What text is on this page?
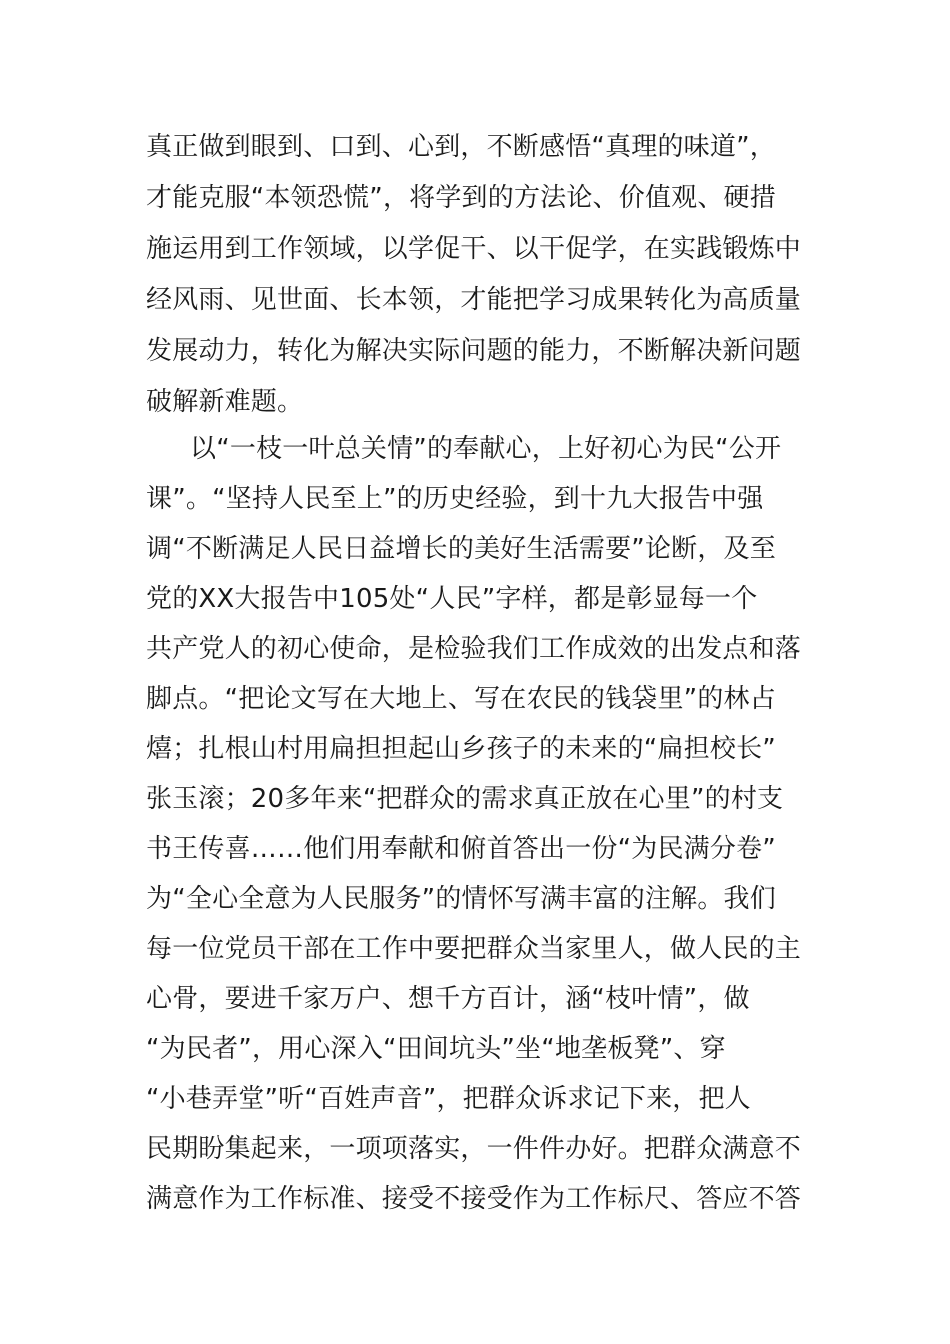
真正做到眼到、口到、心到，不断感悟“真理的味道”，
才能克服“本领恐慌”，将学到的方法论、价值观、硬措
施运用到工作领域，以学促干、以干促学，在实践锻炼中
经风雨、见世面、长本领，才能把学习成果转化为高质量
发展动力，转化为解决实际问题的能力，不断解决新问题
破解新难题。
以“一枝一叶总关情”的奉献心，上好初心为民“公开
课”。“坚持人民至上”的历史经验，到十九大报告中强
调“不断满足人民日益增长的美好生活需要”论断，及至
党的XX大报告中105处“人民”字样，都是彰显每一个
共产党人的初心使命，是检验我们工作成效的出发点和落
脚点。“把论文写在大地上、写在农民的钱袋里”的林占
熺；扎根山村用扁担担起山乡孩子的未来的“扁担校长”
张玉滚；20多年来“把群众的需求真正放在心里”的村支
书王传喜……他们用奉献和俯首答出一份“为民满分卷”
为“全心全意为人民服务”的情怀写满丰富的注解。我们
每一位党员干部在工作中要把群众当家里人，做人民的主
心骨，要进千家万户、想千方百计，涵“枝叶情”，做
“为民者”，用心深入“田间坑头”坐“地垄板凳”、穿
“小巷弄堂”听“百姓声音”，把群众诉求记下来，把人
民期盼集起来，一项项落实，一件件办好。把群众满意不
满意作为工作标准、接受不接受作为工作标尺、答应不答
